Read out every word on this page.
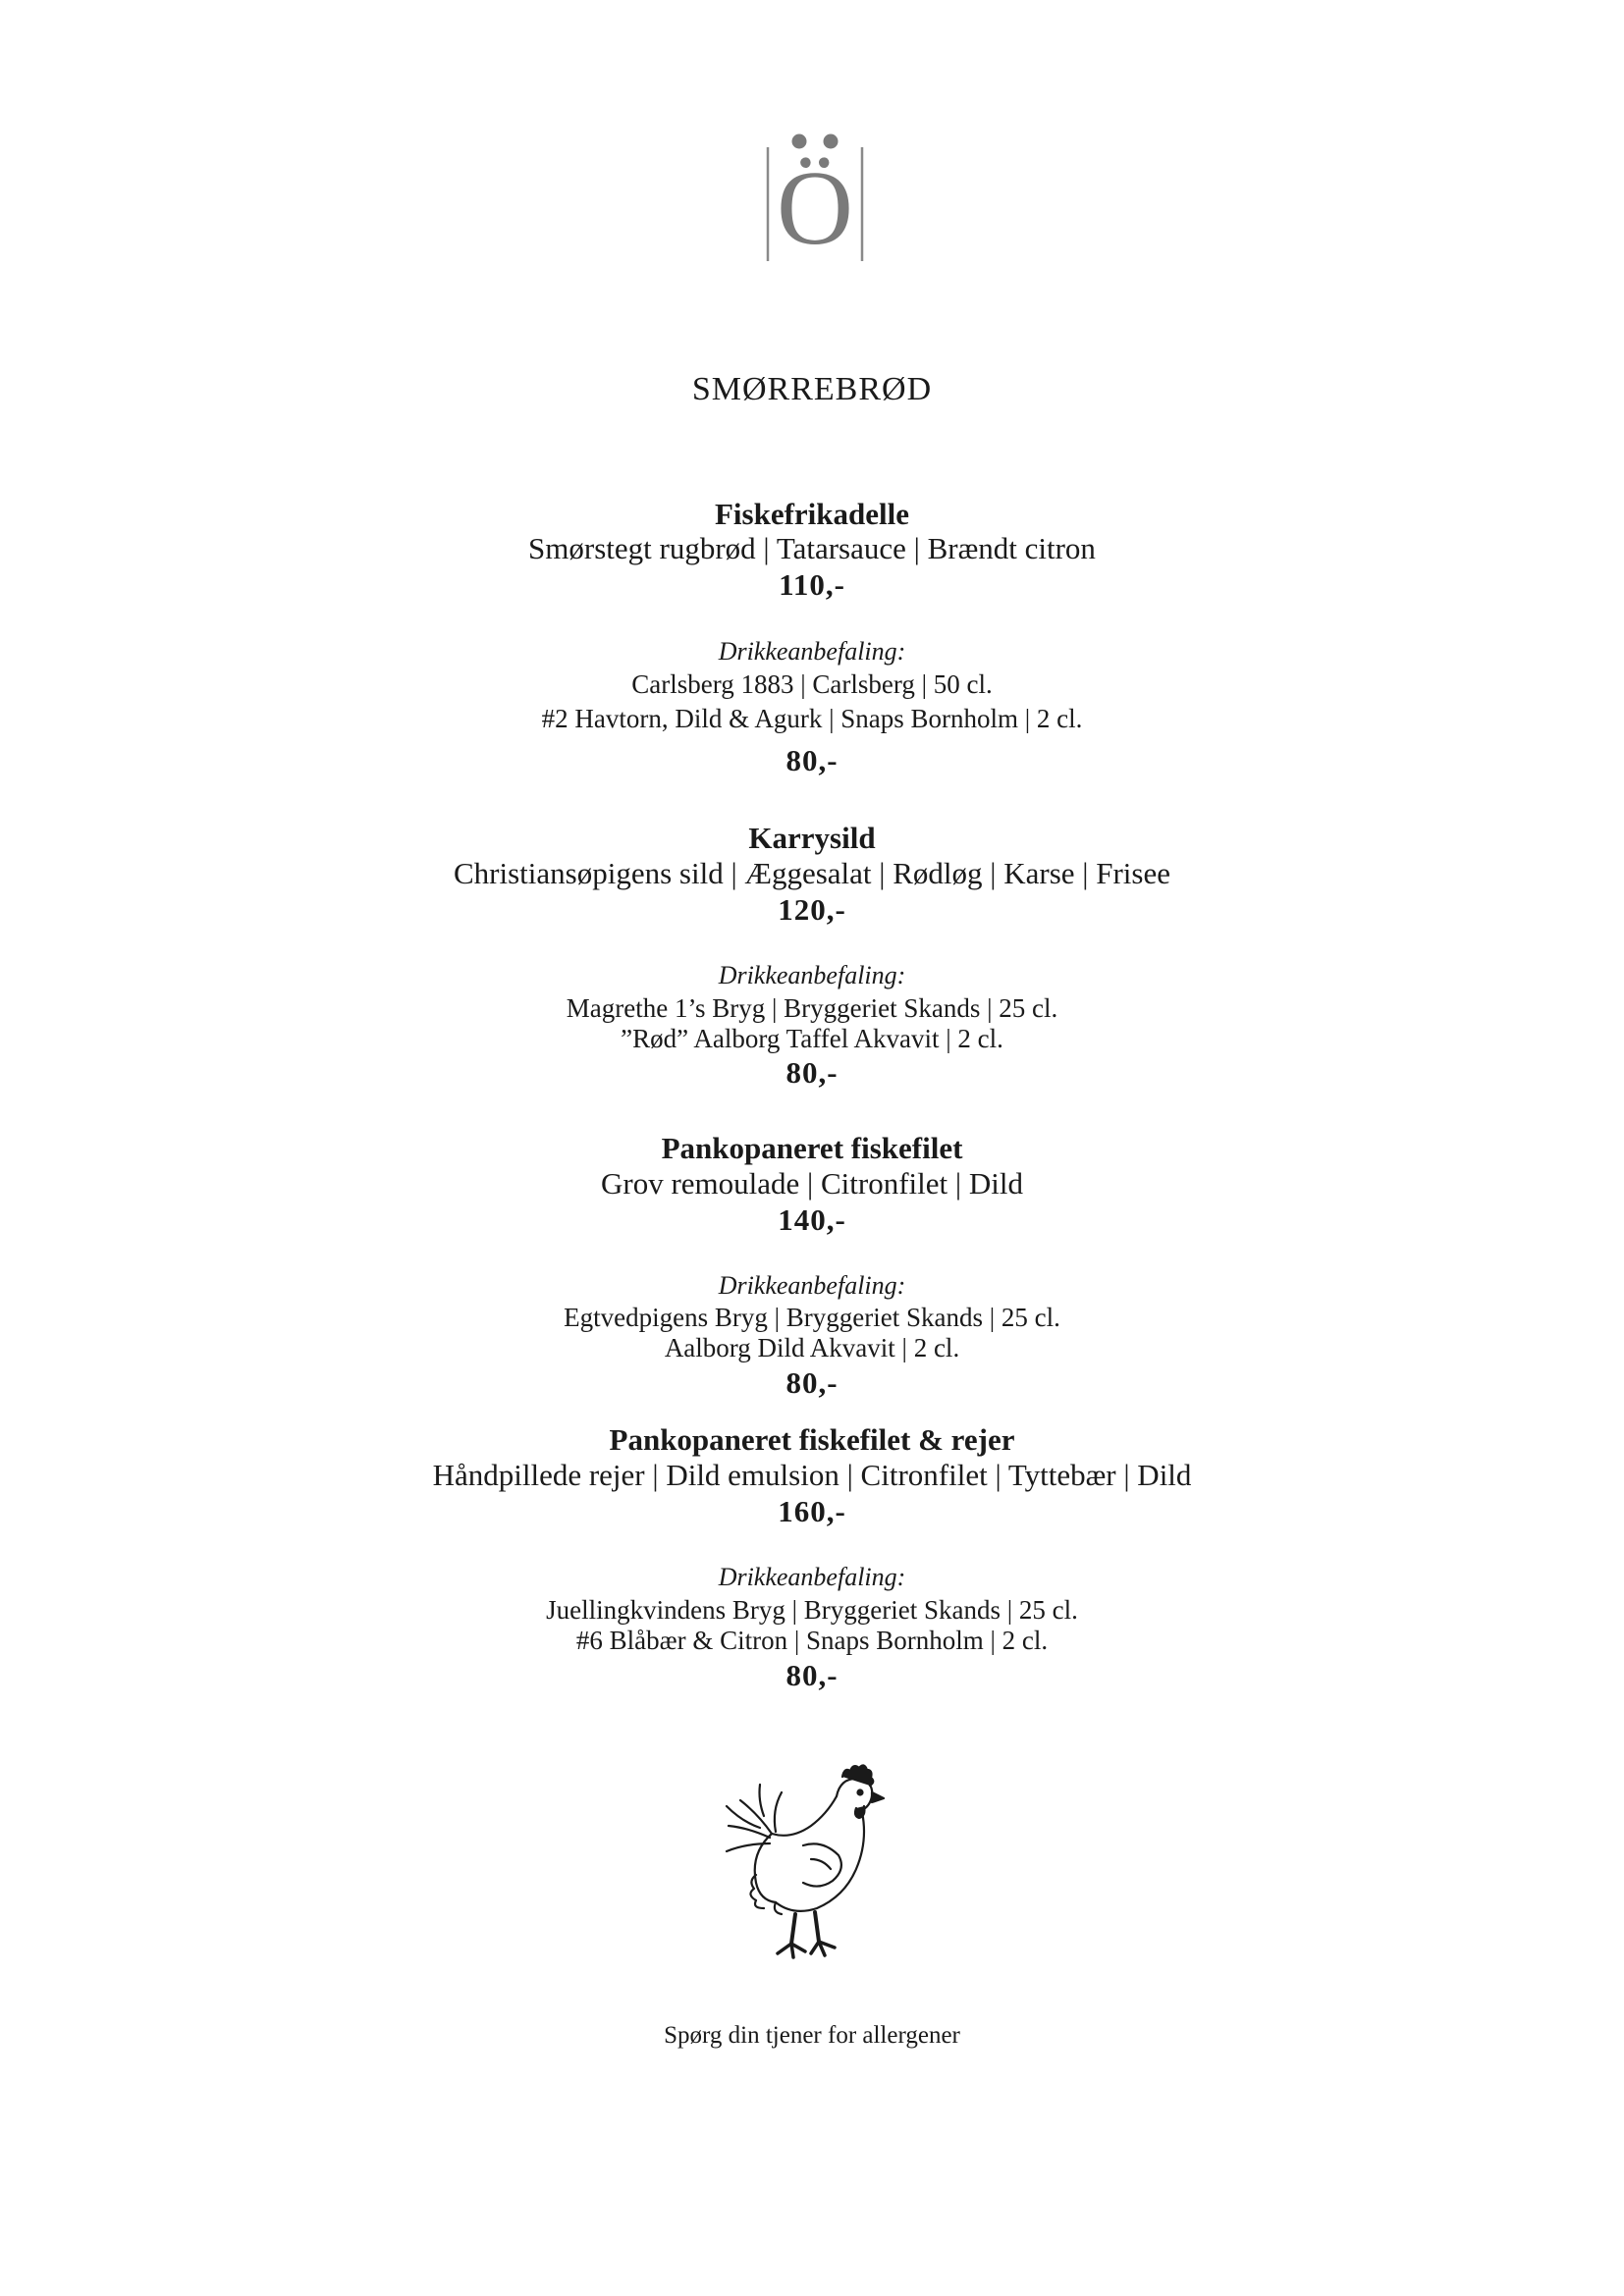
Ö
SMØRREBRØD
Fiskefrikadelle
Smørstegt rugbrød | Tatarsauce | Brændt citron
110,-
Drikkeanbefaling:
Carlsberg 1883 | Carlsberg | 50 cl.
#2 Havtorn, Dild & Agurk | Snaps Bornholm | 2 cl.
80,-
Karrysild
Christiansøpigens sild | Æggesalat | Rødløg | Karse | Frisee
120,-
Drikkeanbefaling:
Magrethe 1’s Bryg | Bryggeriet Skands | 25 cl.
”Rød” Aalborg Taffel Akvavit | 2 cl.
80,-
Pankopaneret fiskefilet
Grov remoulade | Citronfilet | Dild
140,-
Drikkeanbefaling:
Egtvedpigens Bryg | Bryggeriet Skands | 25 cl.
Aalborg Dild Akvavit | 2 cl.
80,-
Pankopaneret fiskefilet & rejer
Håndpillede rejer | Dild emulsion | Citronfilet | Tyttebær | Dild
160,-
Drikkeanbefaling:
Juellingkvindens Bryg | Bryggeriet Skands | 25 cl.
#6 Blåbær & Citron | Snaps Bornholm | 2 cl.
80,-
Spørg din tjener for allergener
